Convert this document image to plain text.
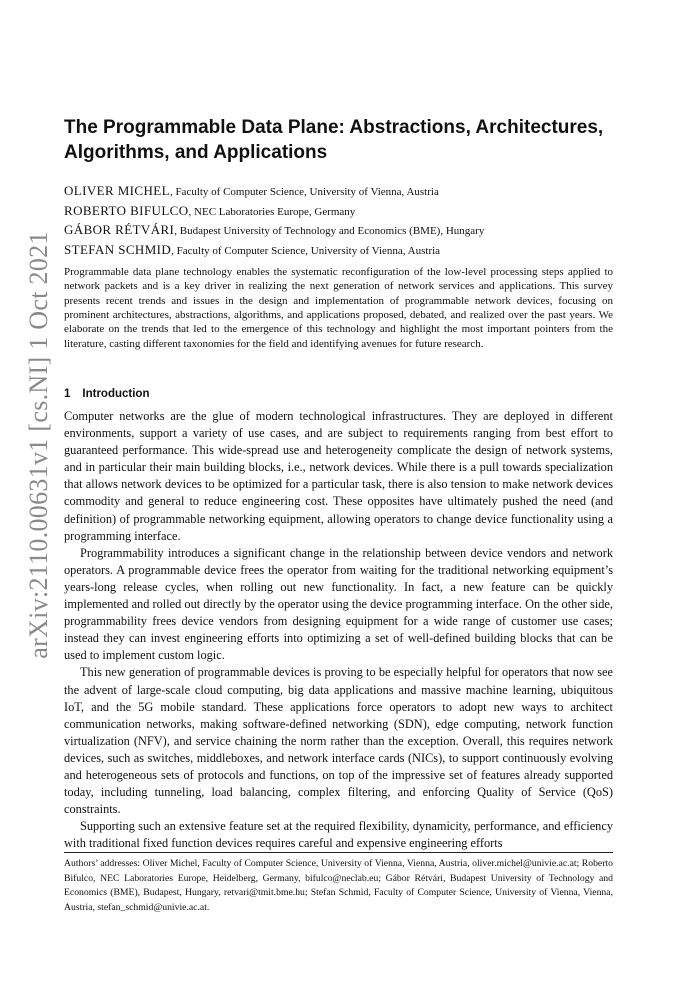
arXiv:2110.00631v1 [cs.NI] 1 Oct 2021
The Programmable Data Plane: Abstractions, Architectures, Algorithms, and Applications
OLIVER MICHEL, Faculty of Computer Science, University of Vienna, Austria
ROBERTO BIFULCO, NEC Laboratories Europe, Germany
GÁBOR RÉTVÁRI, Budapest University of Technology and Economics (BME), Hungary
STEFAN SCHMID, Faculty of Computer Science, University of Vienna, Austria

Programmable data plane technology enables the systematic reconfiguration of the low-level processing steps applied to network packets and is a key driver in realizing the next generation of network services and applications. This survey presents recent trends and issues in the design and implementation of programmable network devices, focusing on prominent architectures, abstractions, algorithms, and applications proposed, debated, and realized over the past years. We elaborate on the trends that led to the emergence of this technology and highlight the most important pointers from the literature, casting different taxonomies for the field and identifying avenues for future research.

1 Introduction

Computer networks are the glue of modern technological infrastructures. They are deployed in different environments, support a variety of use cases, and are subject to requirements ranging from best effort to guaranteed performance. This wide-spread use and heterogeneity complicate the design of network systems, and in particular their main building blocks, i.e., network devices. While there is a pull towards specialization that allows network devices to be optimized for a particular task, there is also tension to make network devices commodity and general to reduce engineering cost. These opposites have ultimately pushed the need (and definition) of programmable networking equipment, allowing operators to change device functionality using a programming interface.

Programmability introduces a significant change in the relationship between device vendors and network operators. A programmable device frees the operator from waiting for the traditional networking equipment’s years-long release cycles, when rolling out new functionality. In fact, a new feature can be quickly implemented and rolled out directly by the operator using the device programming interface. On the other side, programmability frees device vendors from designing equipment for a wide range of customer use cases; instead they can invest engineering efforts into optimizing a set of well-defined building blocks that can be used to implement custom logic.

This new generation of programmable devices is proving to be especially helpful for operators that now see the advent of large-scale cloud computing, big data applications and massive machine learning, ubiquitous IoT, and the 5G mobile standard. These applications force operators to adopt new ways to architect communication networks, making software-defined networking (SDN), edge computing, network function virtualization (NFV), and service chaining the norm rather than the exception. Overall, this requires network devices, such as switches, middleboxes, and network interface cards (NICs), to support continuously evolving and heterogeneous sets of protocols and functions, on top of the impressive set of features already supported today, including tunneling, load balancing, complex filtering, and enforcing Quality of Service (QoS) constraints.

Supporting such an extensive feature set at the required flexibility, dynamicity, performance, and efficiency with traditional fixed function devices requires careful and expensive engineering efforts

Authors’ addresses: Oliver Michel, Faculty of Computer Science, University of Vienna, Vienna, Austria, oliver.michel@univie.ac.at; Roberto Bifulco, NEC Laboratories Europe, Heidelberg, Germany, bifulco@neclab.eu; Gábor Rétvári, Budapest University of Technology and Economics (BME), Budapest, Hungary, retvari@tmit.bme.hu; Stefan Schmid, Faculty of Computer Science, University of Vienna, Vienna, Austria, stefan_schmid@univie.ac.at.
